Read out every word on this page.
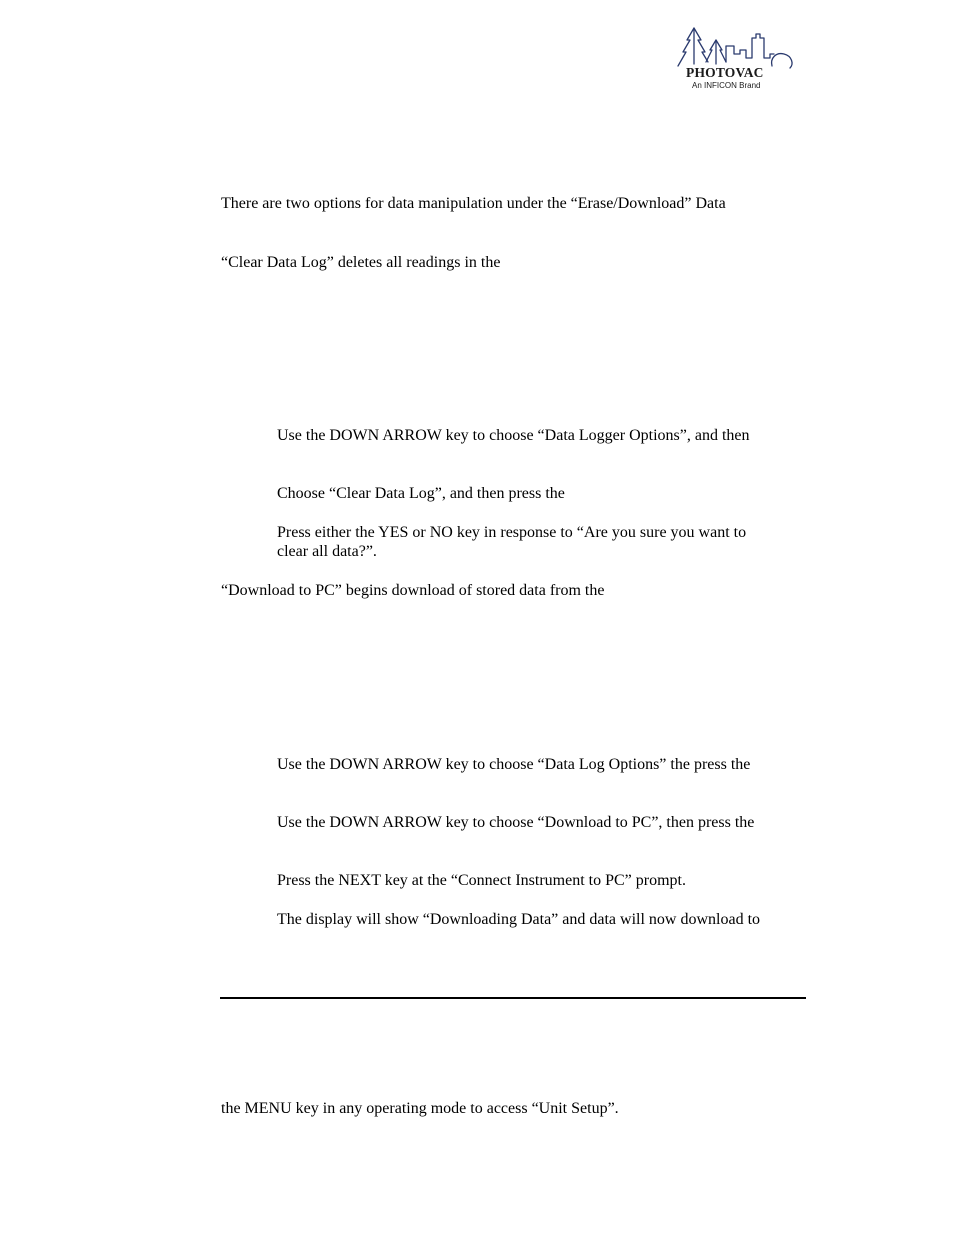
PHOTOVAC
An INFICON Brand
There are two options for data manipulation under the “Erase/Download” Data
“Clear Data Log” deletes all readings in the
Use the DOWN ARROW key to choose “Data Logger Options”, and then
Choose “Clear Data Log”, and then press the
Press either the YES or NO key in response to “Are you sure you want to
clear all data?”.
“Download to PC” begins download of stored data from the
Use the DOWN ARROW key to choose “Data Log Options” the press the
Use the DOWN ARROW key to choose “Download to PC”, then press the
Press the NEXT key at the “Connect Instrument to PC” prompt.
The display will show “Downloading Data” and data will now download to
the MENU key in any operating mode to access “Unit Setup”.
